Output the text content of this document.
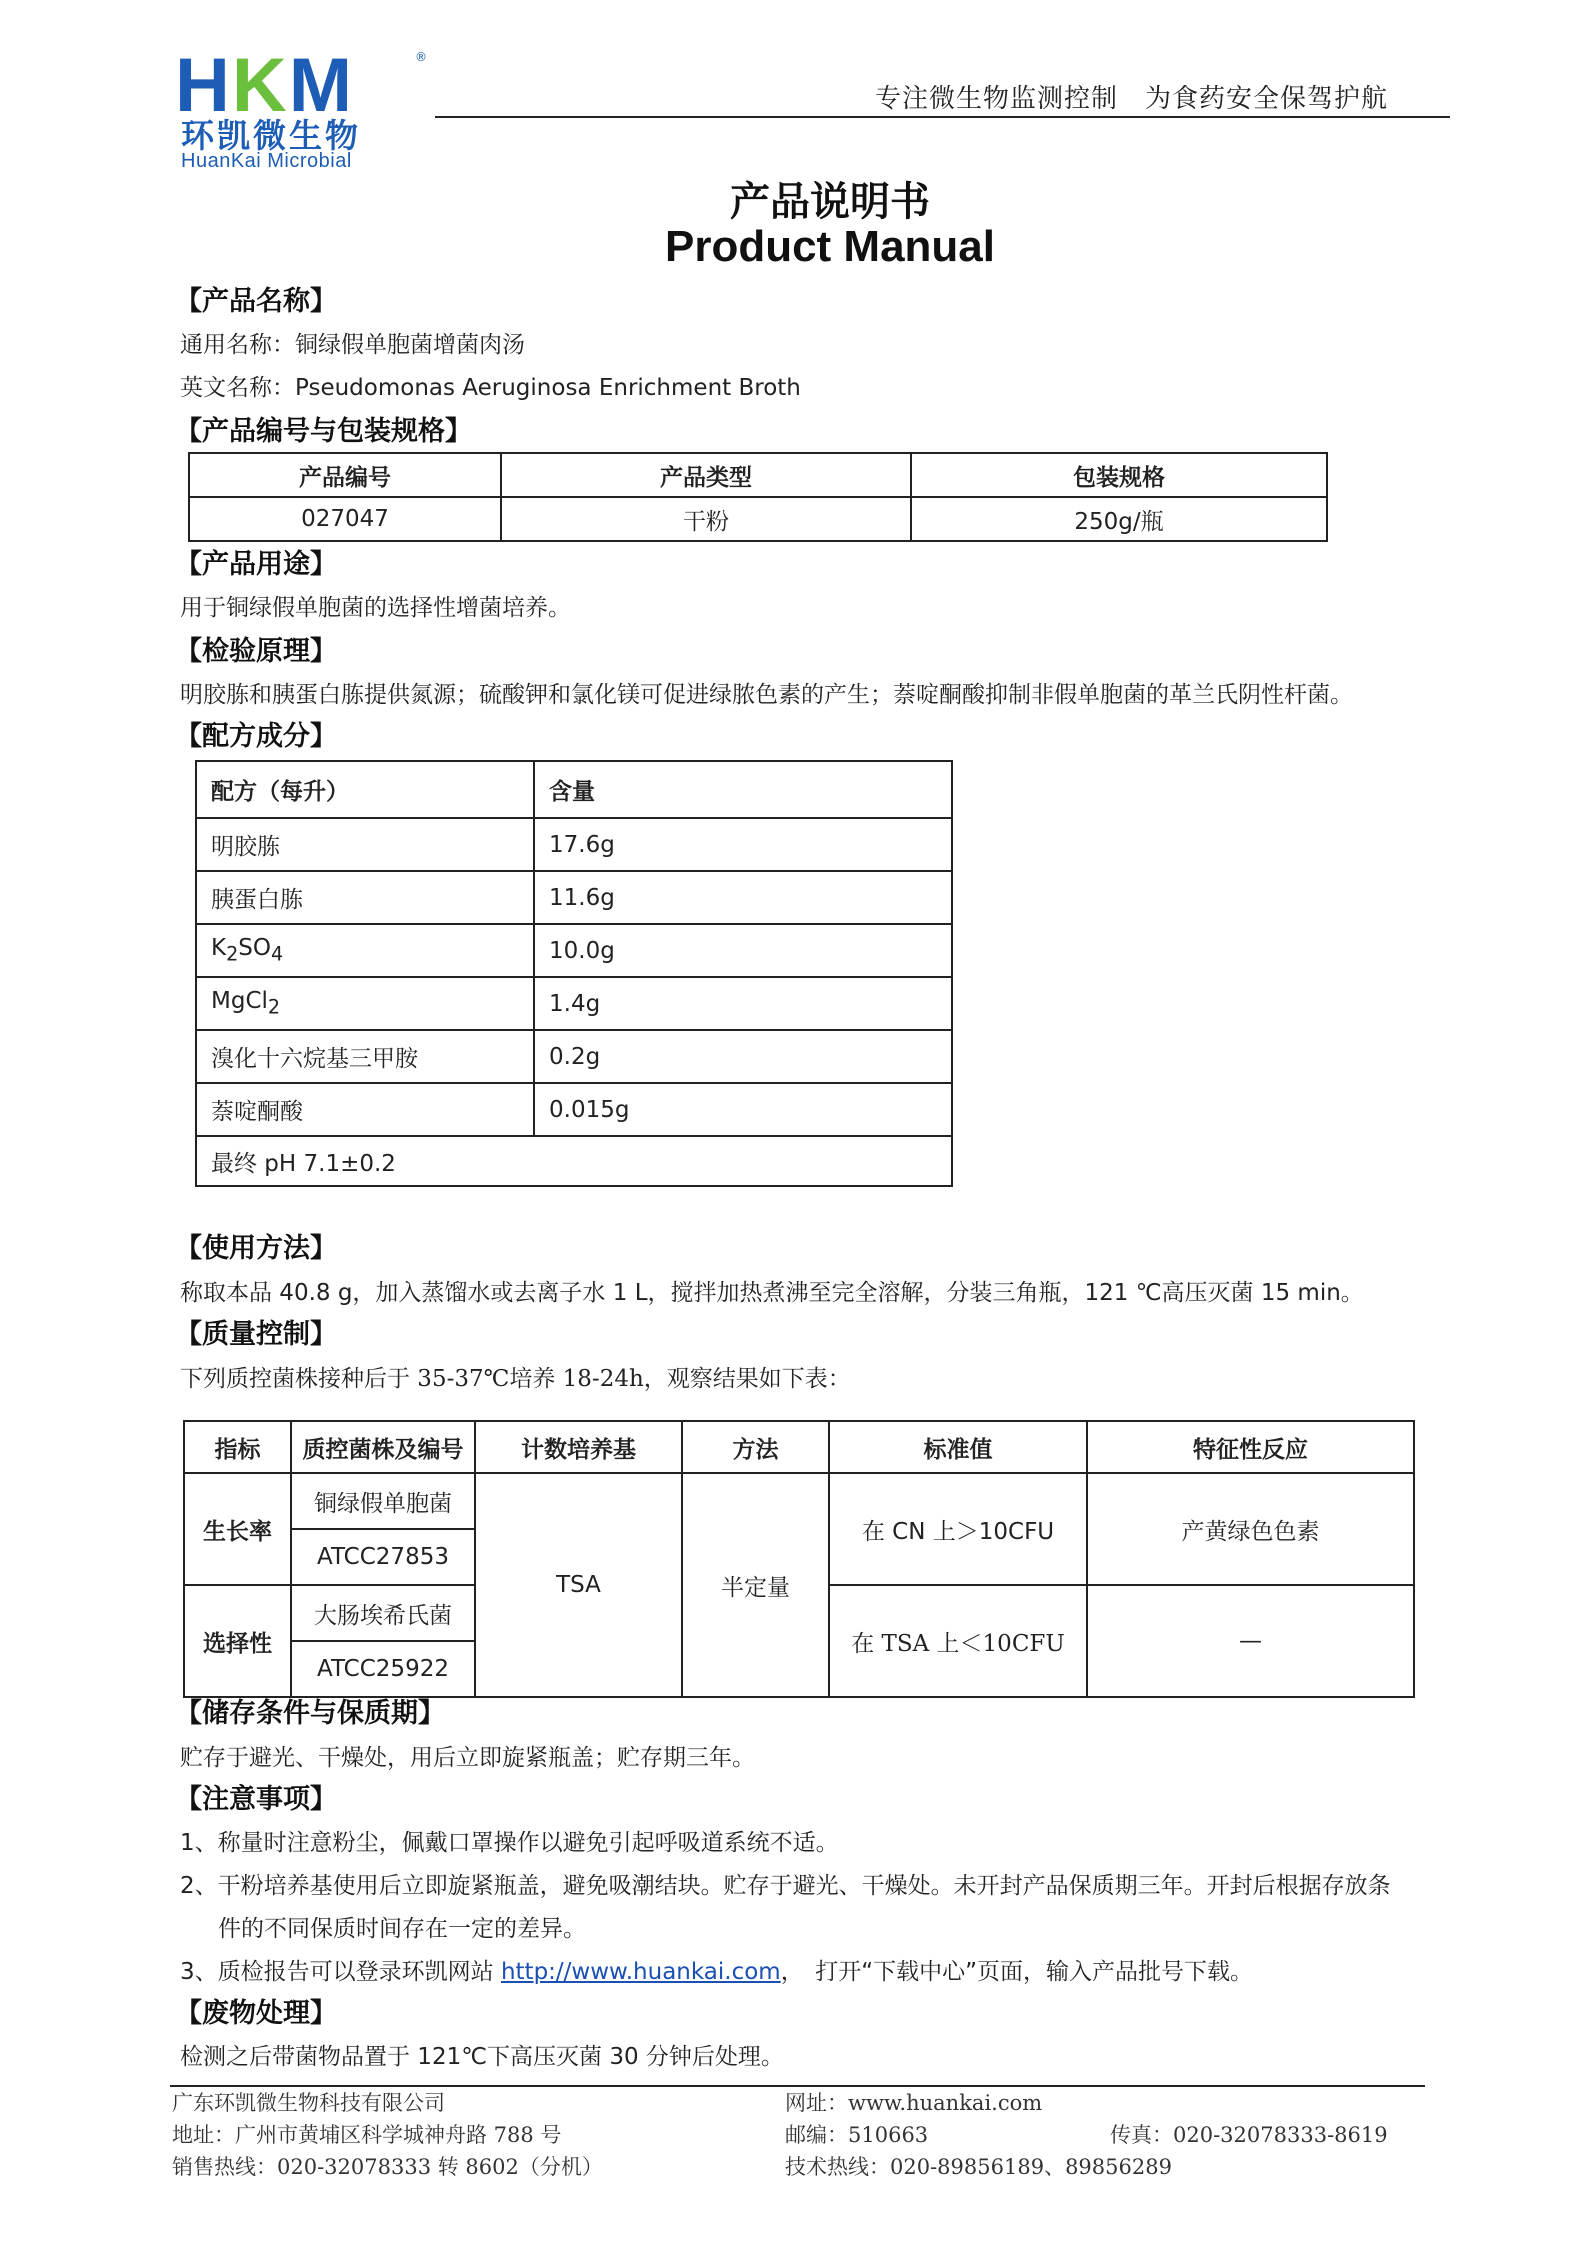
HKM	®
环凯微生物
HuanKai Microbial
专注微生物监测控制　为食药安全保驾护航
产品说明书
Product Manual
【产品名称】
通用名称：铜绿假单胞菌增菌肉汤
英文名称：Pseudomonas Aeruginosa Enrichment Broth
【产品编号与包装规格】
产品编号	产品类型	包装规格
027047	干粉	250g/瓶
【产品用途】
用于铜绿假单胞菌的选择性增菌培养。
【检验原理】
明胶胨和胰蛋白胨提供氮源；硫酸钾和氯化镁可促进绿脓色素的产生；萘啶酮酸抑制非假单胞菌的革兰氏阴性杆菌。
【配方成分】
配方（每升）	含量
明胶胨	17.6g
胰蛋白胨	11.6g
$K_2SO_4$	10.0g
MgCl$_2$	1.4g
溴化十六烷基三甲胺	0.2g
萘啶酮酸	0.015g
最终 pH 7.1±0.2	
【使用方法】
称取本品 40.8 g，加入蒸馏水或去离子水 1 L，搅拌加热煮沸至完全溶解，分装三角瓶，121 ℃高压灭菌 15 min。
【质量控制】
下列质控菌株接种后于 35-37℃培养 18-24h，观察结果如下表：
指标	质控菌株及编号	计数培养基	方法	标准值	特征性反应
生长率	铜绿假单胞菌	TSA	半定量	在 CN 上＞10CFU	产黄绿色色素
	ATCC27853				
选择性	大肠埃希氏菌			在 TSA 上＜10CFU	—
	ATCC25922				
【储存条件与保质期】
贮存于避光、干燥处，用后立即旋紧瓶盖；贮存期三年。
【注意事项】
1、称量时注意粉尘，佩戴口罩操作以避免引起呼吸道系统不适。
2、干粉培养基使用后立即旋紧瓶盖，避免吸潮结块。贮存于避光、干燥处。未开封产品保质期三年。开封后根据存放条
件的不同保质时间存在一定的差异。
3、质检报告可以登录环凯网站 http://www.huankai.com，　打开“下载中心”页面，输入产品批号下载。
【废物处理】
检测之后带菌物品置于 121℃下高压灭菌 30 分钟后处理。
广东环凯微生物科技有限公司
地址：广州市黄埔区科学城神舟路 788 号
销售热线：020-32078333 转 8602（分机）
网址：www.huankai.com
邮编：510663
技术热线：020-89856189、89856289
传真：020-32078333-8619
